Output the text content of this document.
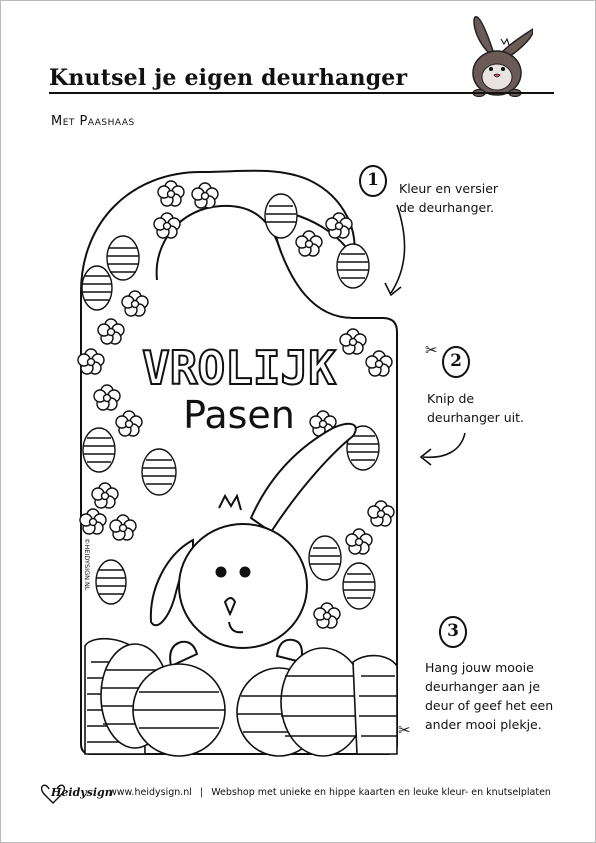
Knutsel je eigen deurhanger
Met Paashaas
VROLIJK
Pasen
©HEIDYSIGN.NL
1	Kleur en versier
de deurhanger.
✂
2
Knip de
deurhanger uit.
3
Hang jouw mooie
deurhanger aan je
deur of geef het een
ander mooi plekje.
✂
Heidysign
www.heidysign.nl | Webshop met unieke en hippe kaarten en leuke kleur- en knutselplaten
